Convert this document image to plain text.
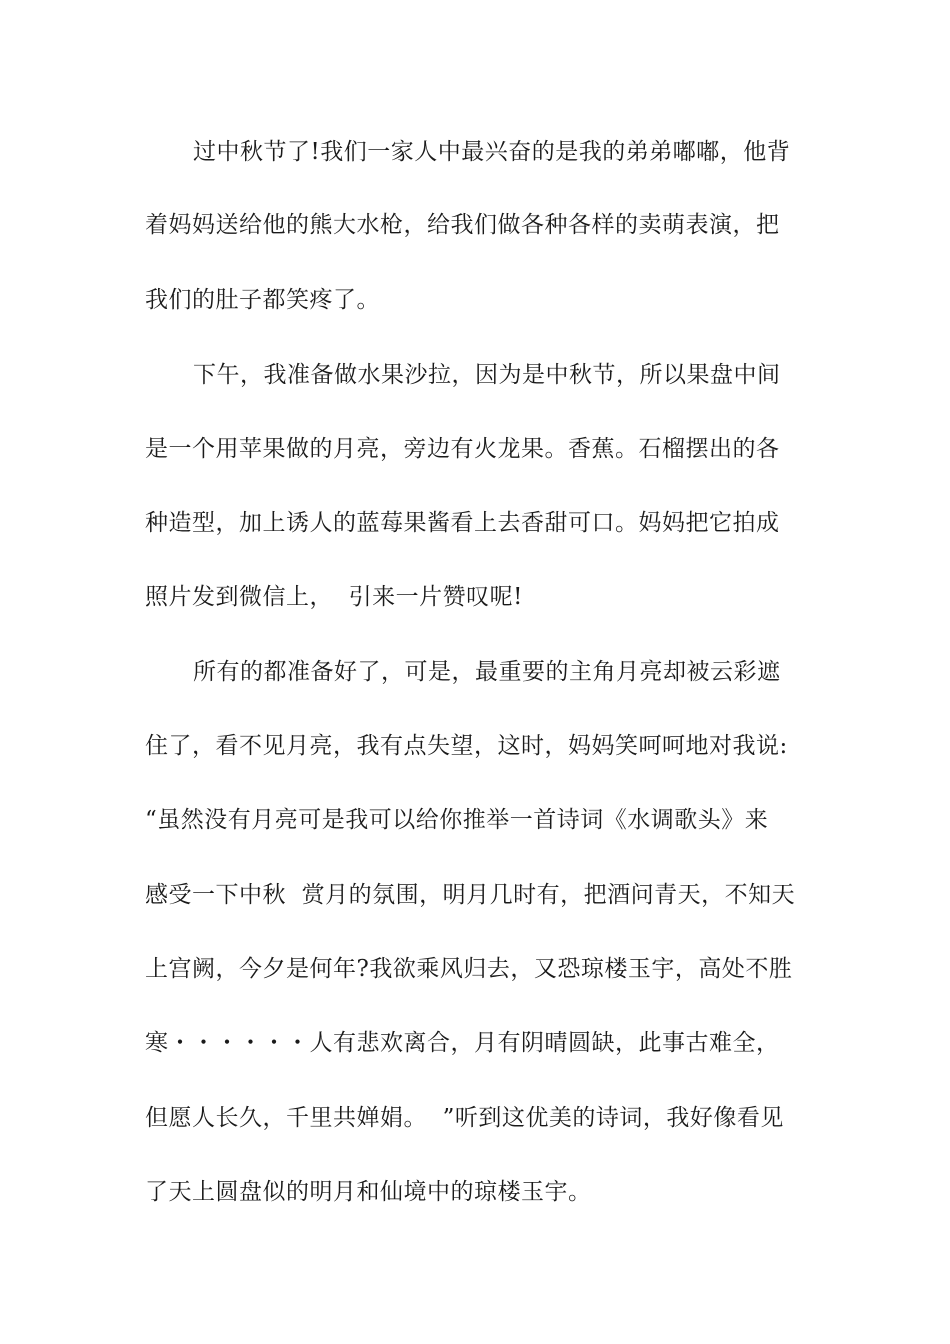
过中秋节了!我们一家人中最兴奋的是我的弟弟嘟嘟，他背
着妈妈送给他的熊大水枪，给我们做各种各样的卖萌表演，把
我们的肚子都笑疼了。
下午，我准备做水果沙拉，因为是中秋节，所以果盘中间
是一个用苹果做的月亮，旁边有火龙果。香蕉。石榴摆出的各
种造型，加上诱人的蓝莓果酱看上去香甜可口。妈妈把它拍成
照片发到微信上，  引来一片赞叹呢!
所有的都准备好了，可是，最重要的主角月亮却被云彩遮
住了，看不见月亮，我有点失望，这时，妈妈笑呵呵地对我说:
“虽然没有月亮可是我可以给你推举一首诗词《水调歌头》来
感受一下中秋  赏月的氛围，明月几时有，把酒问青天，不知天
上宫阙，今夕是何年?我欲乘风归去，又恐琼楼玉宇，高处不胜
寒・・・・・・人有悲欢离合，月有阴晴圆缺，此事古难全，
但愿人长久，千里共婵娟。  ”听到这优美的诗词，我好像看见
了天上圆盘似的明月和仙境中的琼楼玉宇。
